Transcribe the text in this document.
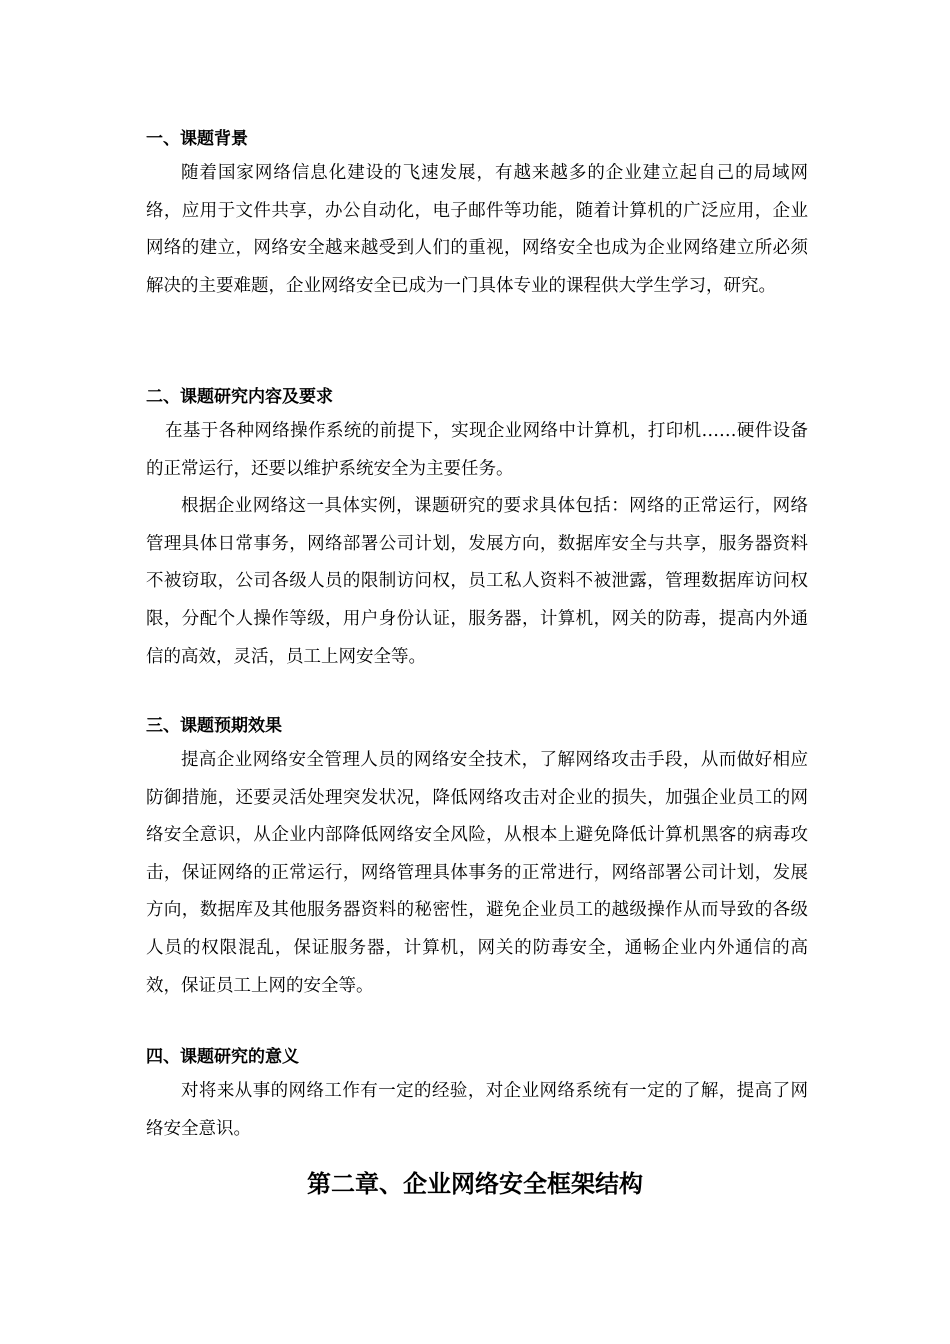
一、课题背景

随着国家网络信息化建设的飞速发展，有越来越多的企业建立起自己的局域网络，应用于文件共享，办公自动化，电子邮件等功能，随着计算机的广泛应用，企业网络的建立，网络安全越来越受到人们的重视，网络安全也成为企业网络建立所必须解决的主要难题，企业网络安全已成为一门具体专业的课程供大学生学习，研究。

二、课题研究内容及要求

在基于各种网络操作系统的前提下，实现企业网络中计算机，打印机……硬件设备的正常运行，还要以维护系统安全为主要任务。

根据企业网络这一具体实例，课题研究的要求具体包括：网络的正常运行，网络管理具体日常事务，网络部署公司计划，发展方向，数据库安全与共享，服务器资料不被窃取，公司各级人员的限制访问权，员工私人资料不被泄露，管理数据库访问权限，分配个人操作等级，用户身份认证，服务器，计算机，网关的防毒，提高内外通信的高效，灵活，员工上网安全等。

三、课题预期效果

提高企业网络安全管理人员的网络安全技术，了解网络攻击手段，从而做好相应防御措施，还要灵活处理突发状况，降低网络攻击对企业的损失，加强企业员工的网络安全意识，从企业内部降低网络安全风险，从根本上避免降低计算机黑客的病毒攻击，保证网络的正常运行，网络管理具体事务的正常进行，网络部署公司计划，发展方向，数据库及其他服务器资料的秘密性，避免企业员工的越级操作从而导致的各级人员的权限混乱，保证服务器，计算机，网关的防毒安全，通畅企业内外通信的高效，保证员工上网的安全等。

四、课题研究的意义

对将来从事的网络工作有一定的经验，对企业网络系统有一定的了解，提高了网络安全意识。

第二章、企业网络安全框架结构
